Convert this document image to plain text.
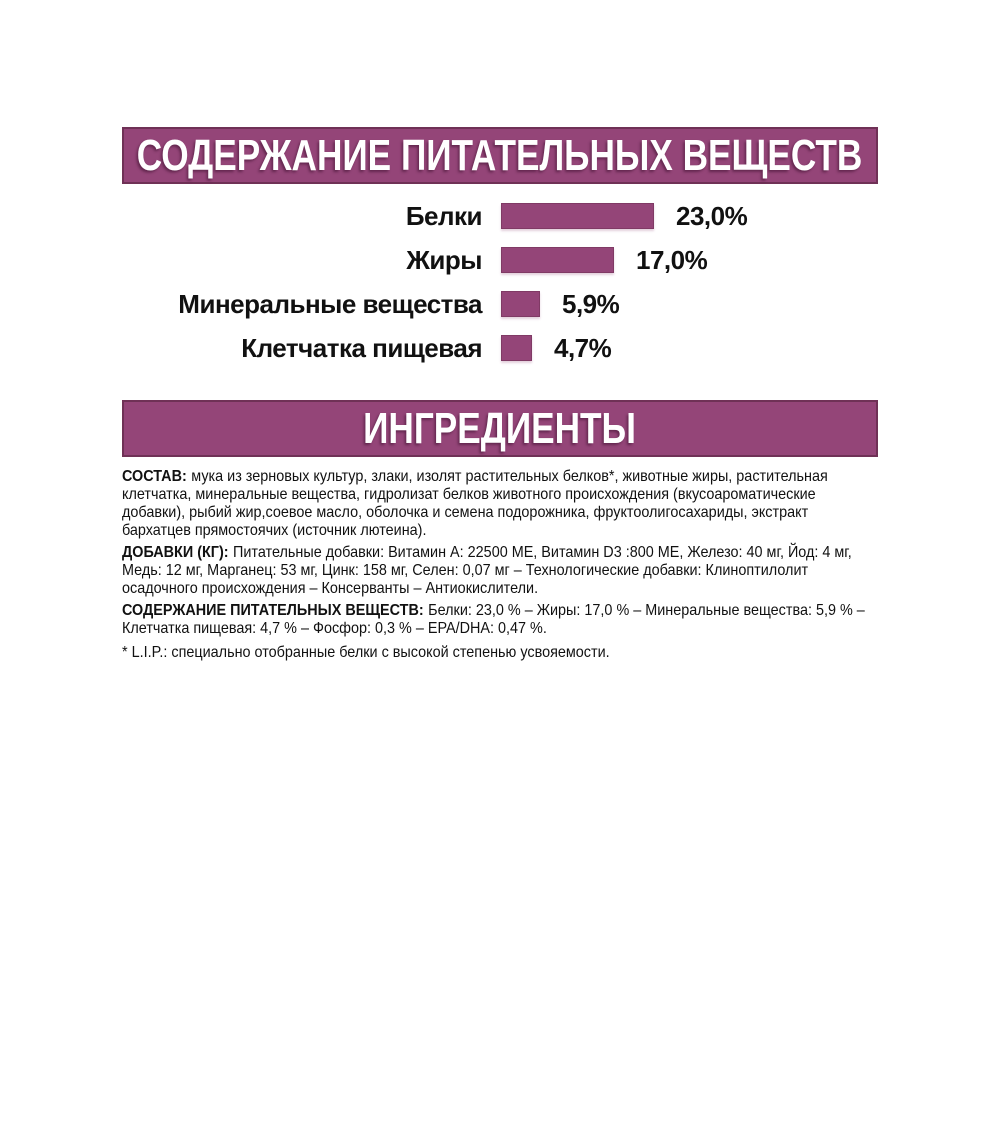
СОДЕРЖАНИЕ ПИТАТЕЛЬНЫХ ВЕЩЕСТВ
Белки	23,0%
Жиры	17,0%
Минеральные вещества	5,9%
Клетчатка пищевая	4,7%
ИНГРЕДИЕНТЫ

СОСТАВ: мука из зерновых культур, злаки, изолят растительных белков*, животные жиры, растительная клетчатка, минеральные вещества, гидролизат белков животного происхождения (вкусоароматические добавки), рыбий жир,соевое масло, оболочка и семена подорожника, фруктоолигосахариды, экстракт бархатцев прямостоячих (источник лютеина).

ДОБАВКИ (КГ): Питательные добавки: Витамин А: 22500 МЕ, Витамин D3 :800 МЕ, Железо: 40 мг, Йод: 4 мг, Медь: 12 мг, Марганец: 53 мг, Цинк: 158 мг, Селен: 0,07 мг – Технологические добавки: Клиноптилолит осадочного происхождения – Консерванты – Антиокислители.

СОДЕРЖАНИЕ ПИТАТЕЛЬНЫХ ВЕЩЕСТВ: Белки: 23,0 % – Жиры: 17,0 % – Минеральные вещества: 5,9 % – Клетчатка пищевая: 4,7 % – Фосфор: 0,3 % – EPA/DHA: 0,47 %.

* L.I.P.: специально отобранные белки с высокой степенью усвояемости.
